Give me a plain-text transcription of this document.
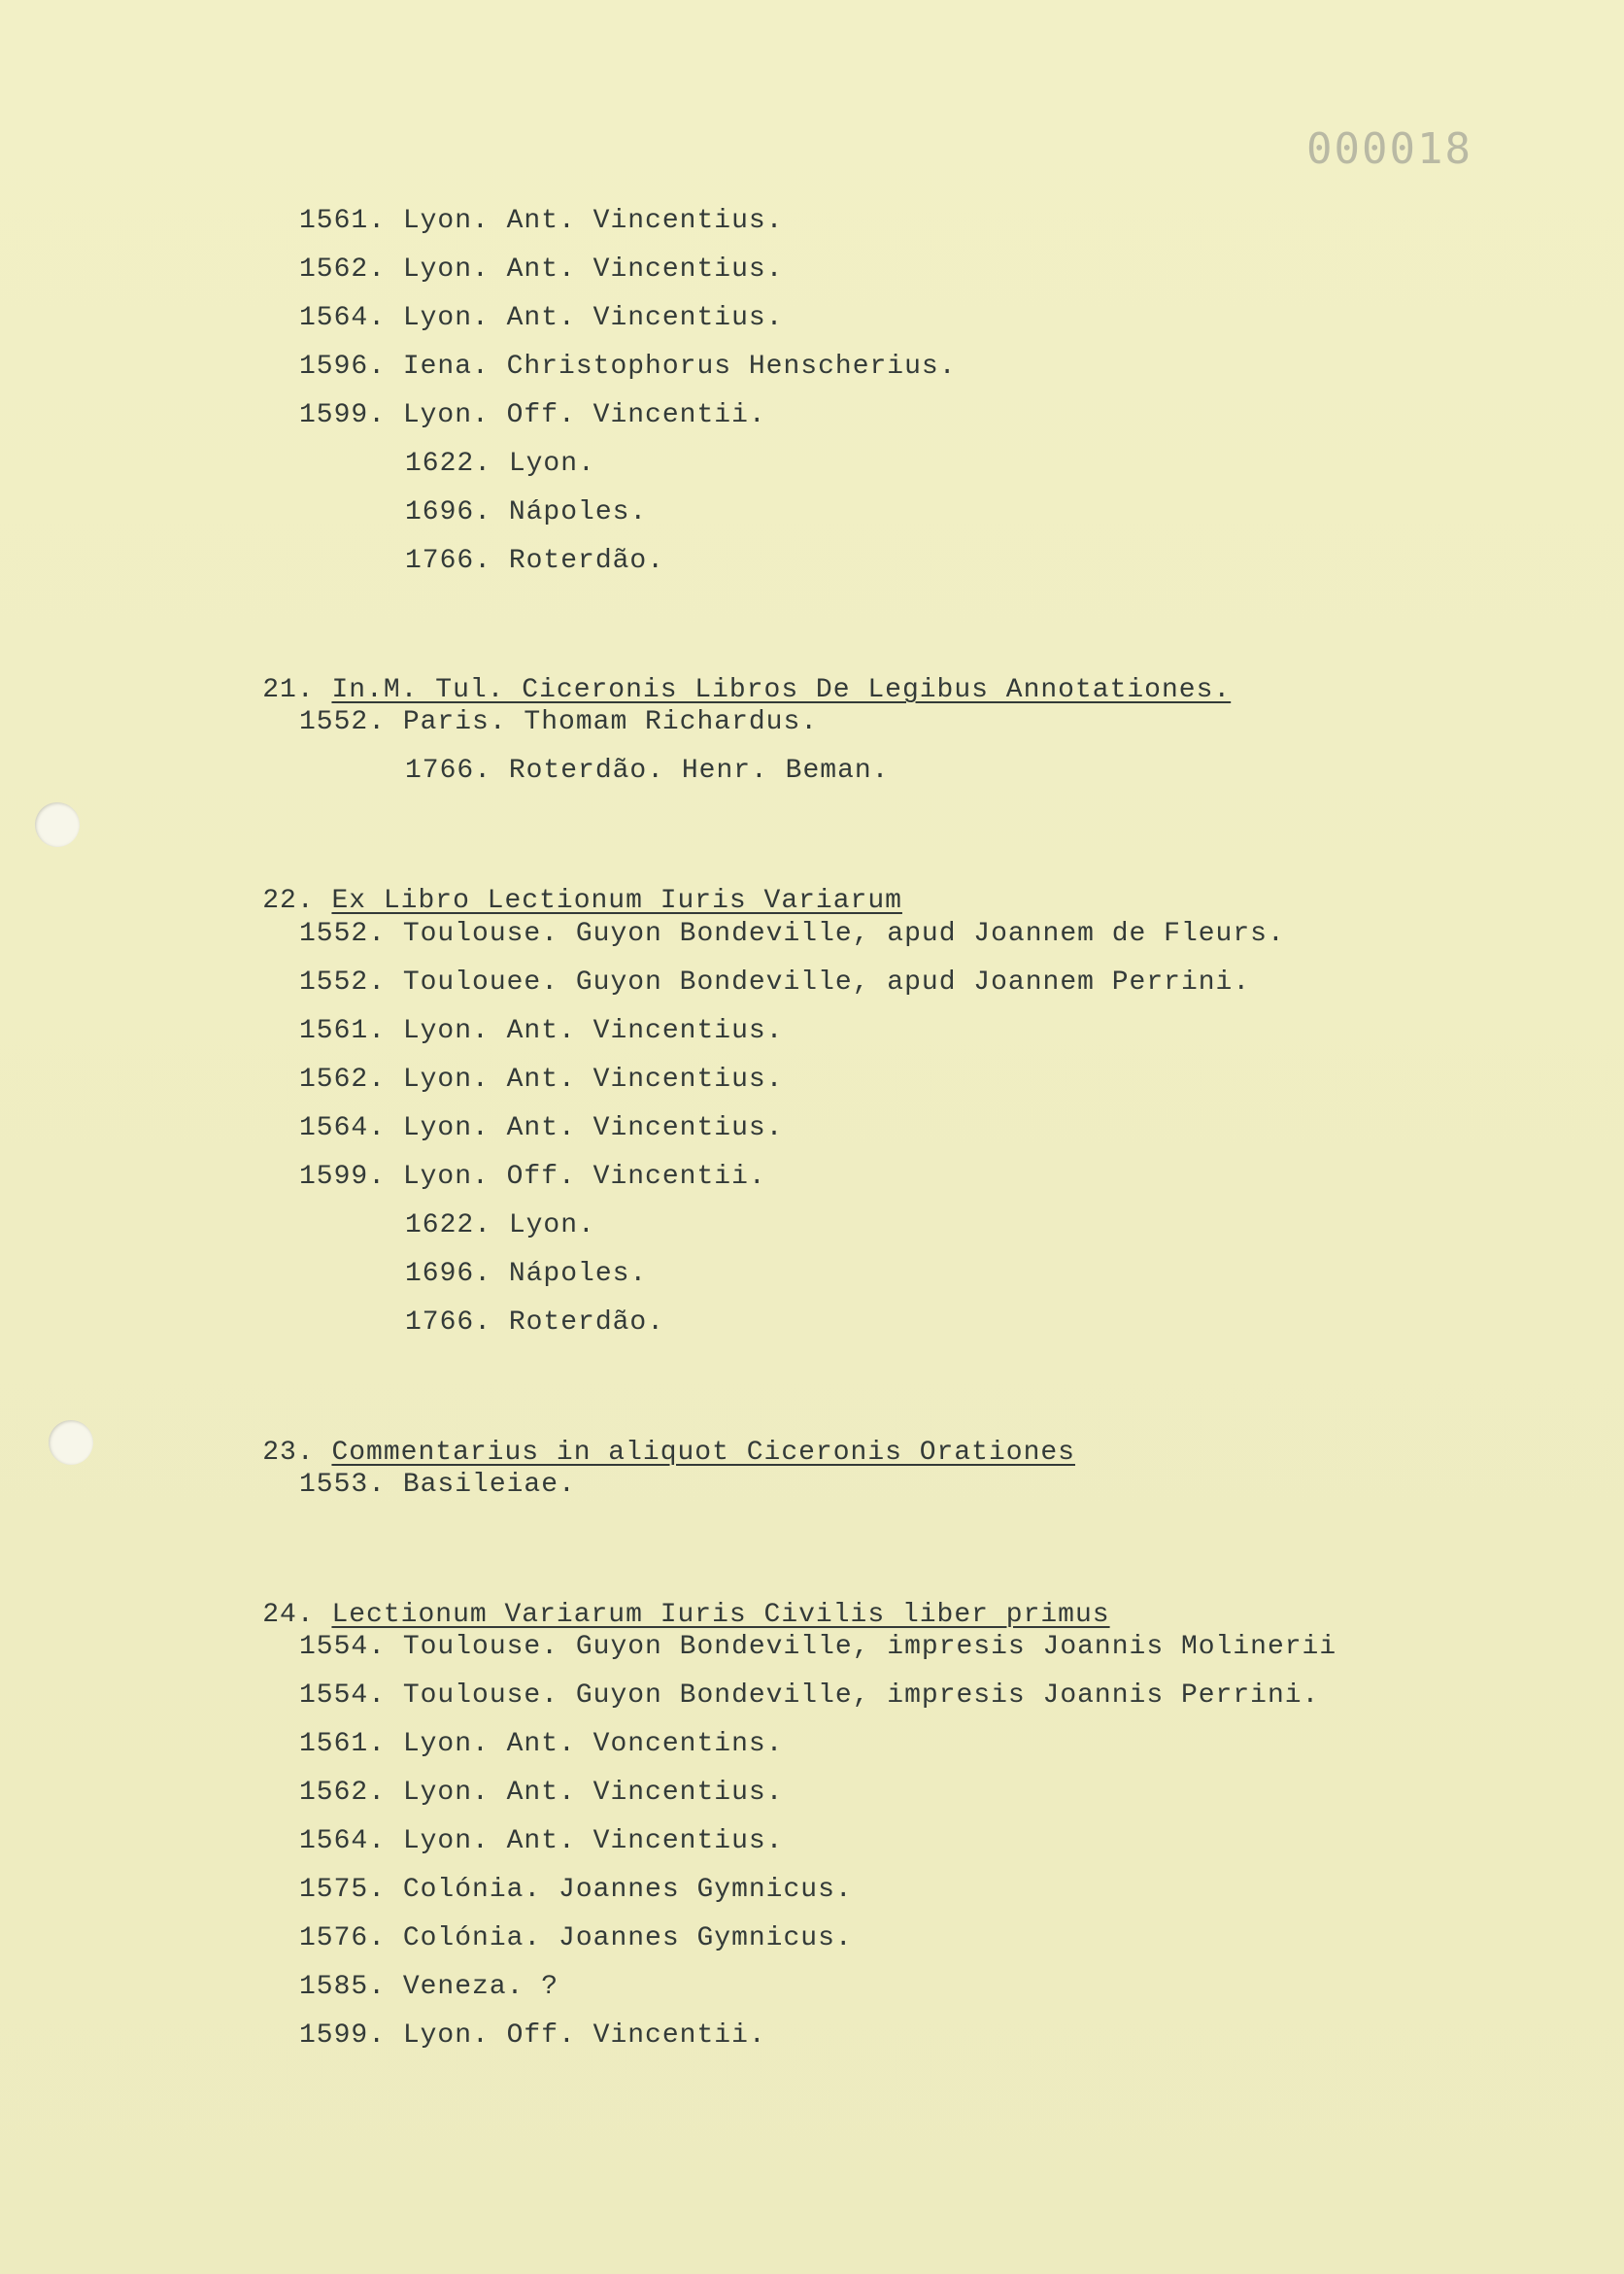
000018
1561. Lyon. Ant. Vincentius.
1562. Lyon. Ant. Vincentius.
1564. Lyon. Ant. Vincentius.
1596. Iena. Christophorus Henscherius.
1599. Lyon. Off. Vincentii.
1622. Lyon.
1696. Nápoles.
1766. Roterdão.

21. In.M. Tul. Ciceronis Libros De Legibus Annotationes.

1552. Paris. Thomam Richardus.
1766. Roterdão. Henr. Beman.

22. Ex Libro Lectionum Iuris Variarum

1552. Toulouse. Guyon Bondeville, apud Joannem de Fleurs.
1552. Toulouee. Guyon Bondeville, apud Joannem Perrini.
1561. Lyon. Ant. Vincentius.
1562. Lyon. Ant. Vincentius.
1564. Lyon. Ant. Vincentius.
1599. Lyon. Off. Vincentii.
1622. Lyon.
1696. Nápoles.
1766. Roterdão.

23. Commentarius in aliquot Ciceronis Orationes

1553. Basileiae.

24. Lectionum Variarum Iuris Civilis liber primus

1554. Toulouse. Guyon Bondeville, impresis Joannis Molinerii
1554. Toulouse. Guyon Bondeville, impresis Joannis Perrini.
1561. Lyon. Ant. Voncentins.
1562. Lyon. Ant. Vincentius.
1564. Lyon. Ant. Vincentius.
1575. Colónia. Joannes Gymnicus.
1576. Colónia. Joannes Gymnicus.
1585. Veneza. ?
1599. Lyon. Off. Vincentii.
